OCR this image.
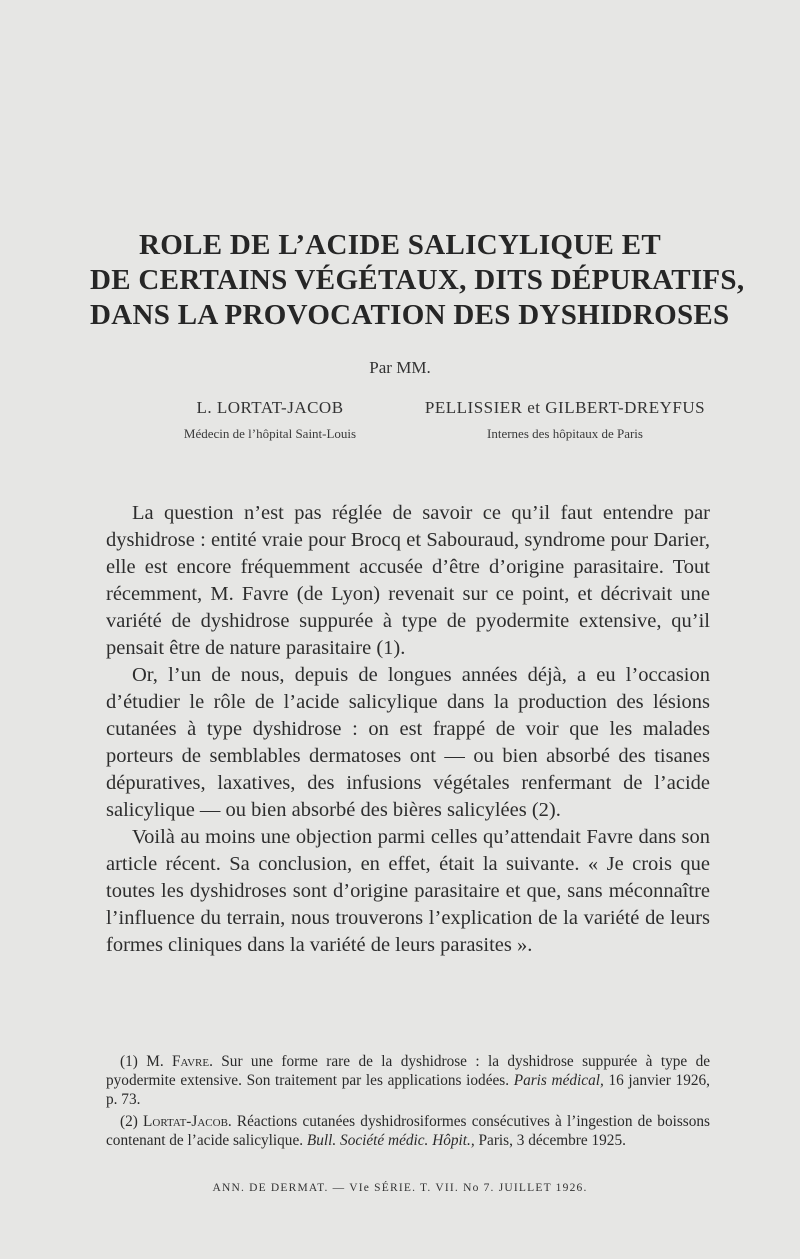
ROLE DE L’ACIDE SALICYLIQUE ET
DE CERTAINS VÉGÉTAUX, DITS DÉPURATIFS,
DANS LA PROVOCATION DES DYSHIDROSES
Par MM.
L. LORTAT-JACOB
Médecin de l’hôpital Saint-Louis
PELLISSIER et GILBERT-DREYFUS
Internes des hôpitaux de Paris

La question n’est pas réglée de savoir ce qu’il faut entendre par dyshidrose : entité vraie pour Brocq et Sabouraud, syndrome pour Darier, elle est encore fréquemment accusée d’être d’origine parasitaire. Tout récemment, M. Favre (de Lyon) revenait sur ce point, et décrivait une variété de dyshidrose suppurée à type de pyodermite extensive, qu’il pensait être de nature parasitaire (1).

Or, l’un de nous, depuis de longues années déjà, a eu l’occasion d’étudier le rôle de l’acide salicylique dans la production des lésions cutanées à type dyshidrose : on est frappé de voir que les malades porteurs de semblables dermatoses ont — ou bien absorbé des tisanes dépuratives, laxatives, des infusions végétales renfermant de l’acide salicylique — ou bien absorbé des bières salicylées (2).

Voilà au moins une objection parmi celles qu’attendait Favre dans son article récent. Sa conclusion, en effet, était la suivante. « Je crois que toutes les dyshidroses sont d’origine parasitaire et que, sans méconnaître l’influence du terrain, nous trouverons l’explication de la variété de leurs formes cliniques dans la variété de leurs parasites ».

(1) M. Favre. Sur une forme rare de la dyshidrose : la dyshidrose suppurée à type de pyodermite extensive. Son traitement par les applications iodées. Paris médical, 16 janvier 1926, p. 73.

(2) Lortat-Jacob. Réactions cutanées dyshidrosiformes consécutives à l’ingestion de boissons contenant de l’acide salicylique. Bull. Société médic. Hôpit., Paris, 3 décembre 1925.

ANN. DE DERMAT. — VIe SÉRIE. T. VII. No 7. JUILLET 1926.
